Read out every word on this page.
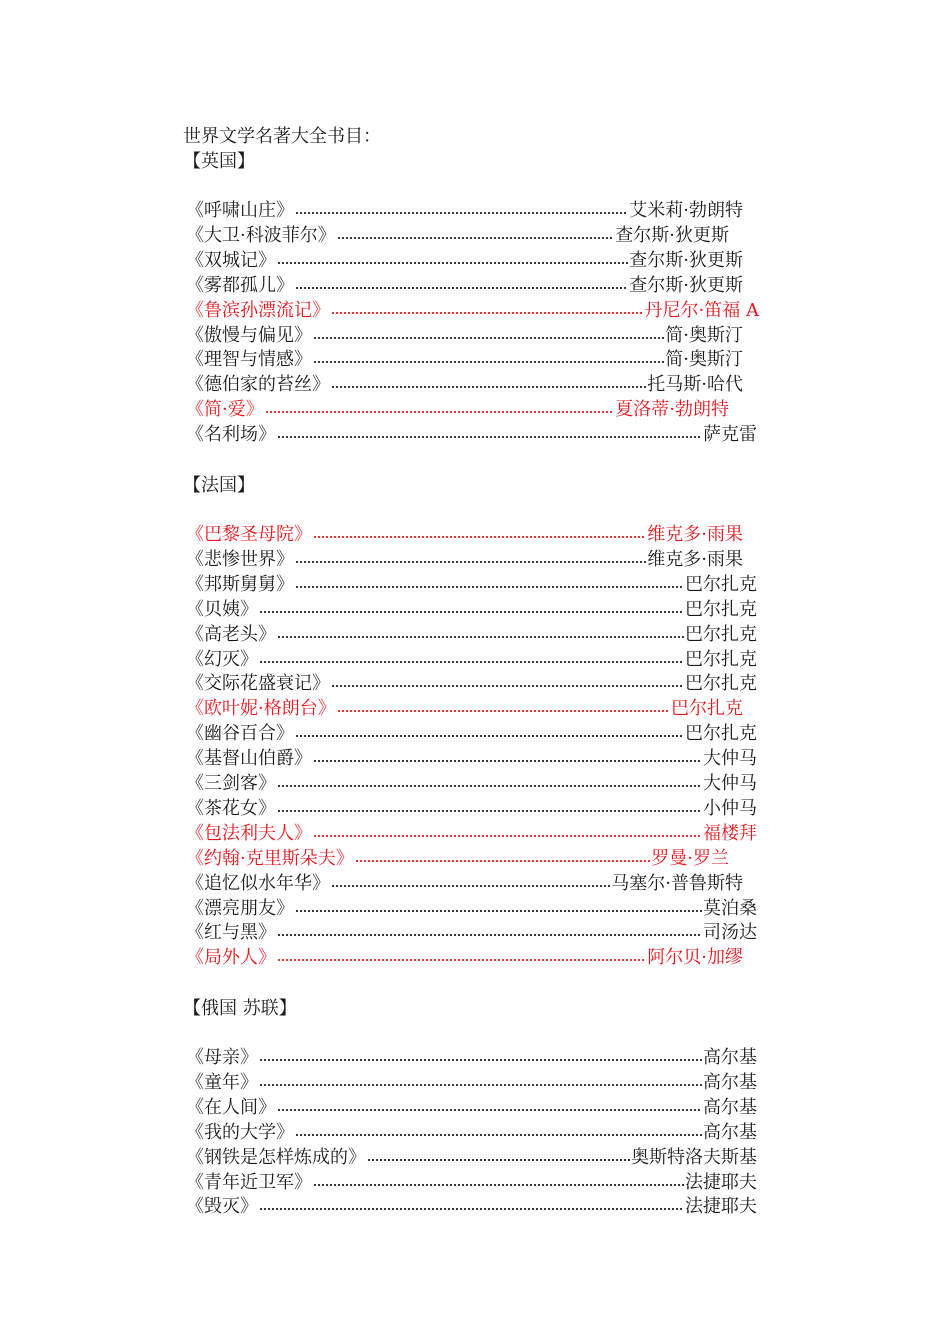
世界文学名著大全书目：
【英国】
《呼啸山庄》	艾米莉·勃朗特
《大卫·科波菲尔》	查尔斯·狄更斯
《双城记》	查尔斯·狄更斯
《雾都孤儿》	查尔斯·狄更斯
《鲁滨孙漂流记》	丹尼尔·笛福 A
《傲慢与偏见》	简·奥斯汀
《理智与情感》	简·奥斯汀
《德伯家的苔丝》	托马斯·哈代
《简·爱》	夏洛蒂·勃朗特
《名利场》	萨克雷
【法国】
《巴黎圣母院》	维克多·雨果
《悲惨世界》	维克多·雨果
《邦斯舅舅》	巴尔扎克
《贝姨》	巴尔扎克
《高老头》	巴尔扎克
《幻灭》	巴尔扎克
《交际花盛衰记》	巴尔扎克
《欧叶妮·格朗台》	巴尔扎克
《幽谷百合》	巴尔扎克
《基督山伯爵》	大仲马
《三剑客》	大仲马
《茶花女》	小仲马
《包法利夫人》	福楼拜
《约翰·克里斯朵夫》	罗曼·罗兰
《追忆似水年华》	马塞尔·普鲁斯特
《漂亮朋友》	莫泊桑
《红与黑》	司汤达
《局外人》	阿尔贝·加缪
【俄国 苏联】
《母亲》	高尔基
《童年》	高尔基
《在人间》	高尔基
《我的大学》	高尔基
《钢铁是怎样炼成的》	奥斯特洛夫斯基
《青年近卫军》	法捷耶夫
《毁灭》	法捷耶夫
